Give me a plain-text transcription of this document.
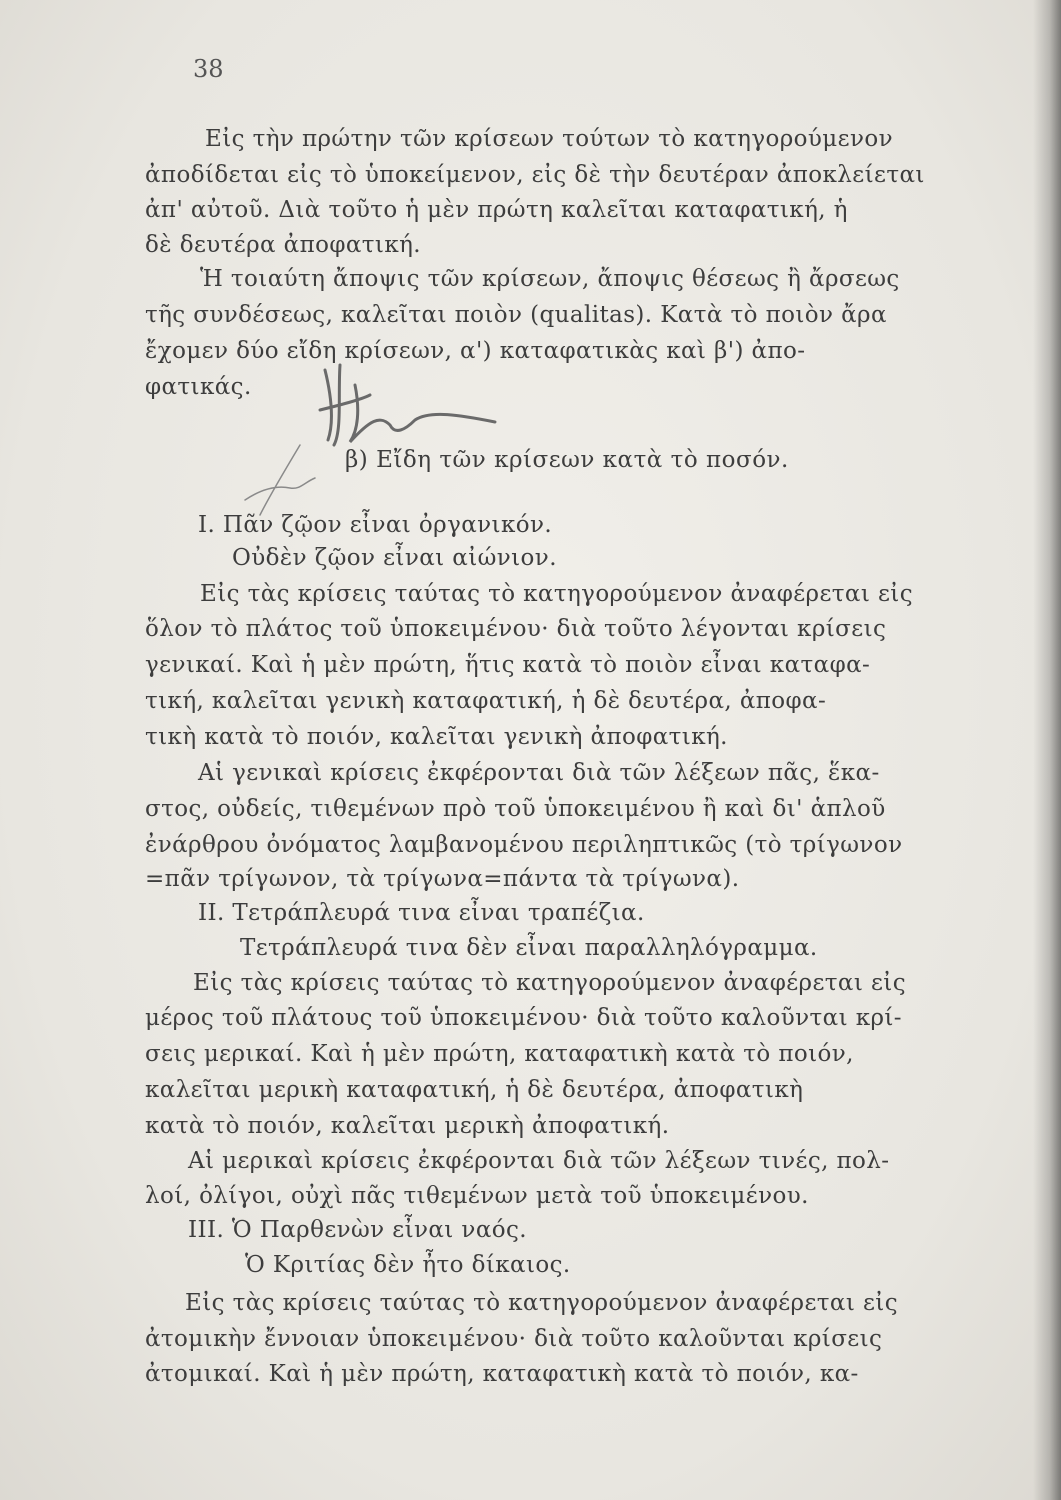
38
Εἰς τὴν πρώτην τῶν κρίσεων τούτων τὸ κατηγορούμενον
ἀποδίδεται εἰς τὸ ὑποκείμενον, εἰς δὲ τὴν δευτέραν ἀποκλείεται
ἀπ' αὐτοῦ. Διὰ τοῦτο ἡ μὲν πρώτη καλεῖται καταφατική, ἡ
δὲ δευτέρα ἀποφατική.
Ἡ τοιαύτη ἄποψις τῶν κρίσεων, ἄποψις θέσεως ἢ ἄρσεως
τῆς συνδέσεως, καλεῖται ποιὸν (qualitas). Κατὰ τὸ ποιὸν ἄρα
ἔχομεν δύο εἴδη κρίσεων, α') καταφατικὰς καὶ β') ἀπο-
φατικάς.
β) Εἴδη τῶν κρίσεων κατὰ τὸ ποσόν.
Ι. Πᾶν ζῷον εἶναι ὀργανικόν.
Οὐδὲν ζῷον εἶναι αἰώνιον.
Εἰς τὰς κρίσεις ταύτας τὸ κατηγορούμενον ἀναφέρεται εἰς
ὅλον τὸ πλάτος τοῦ ὑποκειμένου· διὰ τοῦτο λέγονται κρίσεις
γενικαί. Καὶ ἡ μὲν πρώτη, ἥτις κατὰ τὸ ποιὸν εἶναι καταφα-
τική, καλεῖται γενικὴ καταφατική, ἡ δὲ δευτέρα, ἀποφα-
τικὴ κατὰ τὸ ποιόν, καλεῖται γενικὴ ἀποφατική.
Αἱ γενικαὶ κρίσεις ἐκφέρονται διὰ τῶν λέξεων πᾶς, ἕκα-
στος, οὐδείς, τιθεμένων πρὸ τοῦ ὑποκειμένου ἢ καὶ δι' ἁπλοῦ
ἐνάρθρου ὀνόματος λαμβανομένου περιληπτικῶς (τὸ τρίγωνον
=πᾶν τρίγωνον, τὰ τρίγωνα=πάντα τὰ τρίγωνα).
ΙΙ. Τετράπλευρά τινα εἶναι τραπέζια.
Τετράπλευρά τινα δὲν εἶναι παραλληλόγραμμα.
Εἰς τὰς κρίσεις ταύτας τὸ κατηγορούμενον ἀναφέρεται εἰς
μέρος τοῦ πλάτους τοῦ ὑποκειμένου· διὰ τοῦτο καλοῦνται κρί-
σεις μερικαί. Καὶ ἡ μὲν πρώτη, καταφατικὴ κατὰ τὸ ποιόν,
καλεῖται μερικὴ καταφατική, ἡ δὲ δευτέρα, ἀποφατικὴ
κατὰ τὸ ποιόν, καλεῖται μερικὴ ἀποφατική.
Αἱ μερικαὶ κρίσεις ἐκφέρονται διὰ τῶν λέξεων τινές, πολ-
λοί, ὀλίγοι, οὐχὶ πᾶς τιθεμένων μετὰ τοῦ ὑποκειμένου.
ΙΙΙ. Ὁ Παρθενὼν εἶναι ναός.
Ὁ Κριτίας δὲν ἦτο δίκαιος.
Εἰς τὰς κρίσεις ταύτας τὸ κατηγορούμενον ἀναφέρεται εἰς
ἀτομικὴν ἔννοιαν ὑποκειμένου· διὰ τοῦτο καλοῦνται κρίσεις
ἀτομικαί. Καὶ ἡ μὲν πρώτη, καταφατικὴ κατὰ τὸ ποιόν, κα-
